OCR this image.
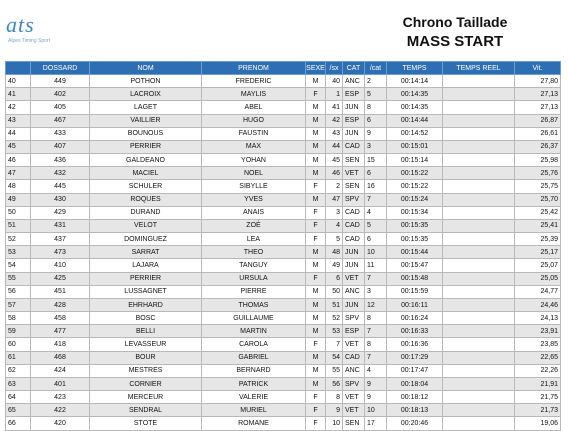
ats
Alpes Timing Sport
Chrono Taillade
MASS START
	DOSSARD	NOM	PRENOM	SEXE	/sx	CAT	/cat	TEMPS	TEMPS REEL	Vit.
40	449	POTHON	FREDERIC	M	40	ANC	2	00:14:14		27,80
41	402	LACROIX	MAYLIS	F	1	ESP	5	00:14:35		27,13
42	405	LAGET	ABEL	M	41	JUN	8	00:14:35		27,13
43	467	VAILLIER	HUGO	M	42	ESP	6	00:14:44		26,87
44	433	BOUNOUS	FAUSTIN	M	43	JUN	9	00:14:52		26,61
45	407	PERRIER	MAX	M	44	CAD	3	00:15:01		26,37
46	436	GALDEANO	YOHAN	M	45	SEN	15	00:15:14		25,98
47	432	MACIEL	NOEL	M	46	VET	6	00:15:22		25,76
48	445	SCHULER	SIBYLLE	F	2	SEN	16	00:15:22		25,75
49	430	ROQUES	YVES	M	47	SPV	7	00:15:24		25,70
50	429	DURAND	ANAIS	F	3	CAD	4	00:15:34		25,42
51	431	VELOT	ZOÉ	F	4	CAD	5	00:15:35		25,41
52	437	DOMINGUEZ	LEA	F	5	CAD	6	00:15:35		25,39
53	473	SARRAT	THEO	M	48	JUN	10	00:15:44		25,17
54	410	LAJARA	TANGUY	M	49	JUN	11	00:15:47		25,07
55	425	PERRIER	URSULA	F	6	VET	7	00:15:48		25,05
56	451	LUSSAGNET	PIERRE	M	50	ANC	3	00:15:59		24,77
57	428	EHRHARD	THOMAS	M	51	JUN	12	00:16:11		24,46
58	458	BOSC	GUILLAUME	M	52	SPV	8	00:16:24		24,13
59	477	BELLI	MARTIN	M	53	ESP	7	00:16:33		23,91
60	418	LEVASSEUR	CAROLA	F	7	VET	8	00:16:36		23,85
61	468	BOUR	GABRIEL	M	54	CAD	7	00:17:29		22,65
62	424	MESTRES	BERNARD	M	55	ANC	4	00:17:47		22,26
63	401	CORNIER	PATRICK	M	56	SPV	9	00:18:04		21,91
64	423	MERCEUR	VALERIE	F	8	VET	9	00:18:12		21,75
65	422	SENDRAL	MURIEL	F	9	VET	10	00:18:13		21,73
66	420	STOTE	ROMANE	F	10	SEN	17	00:20:46		19,06
